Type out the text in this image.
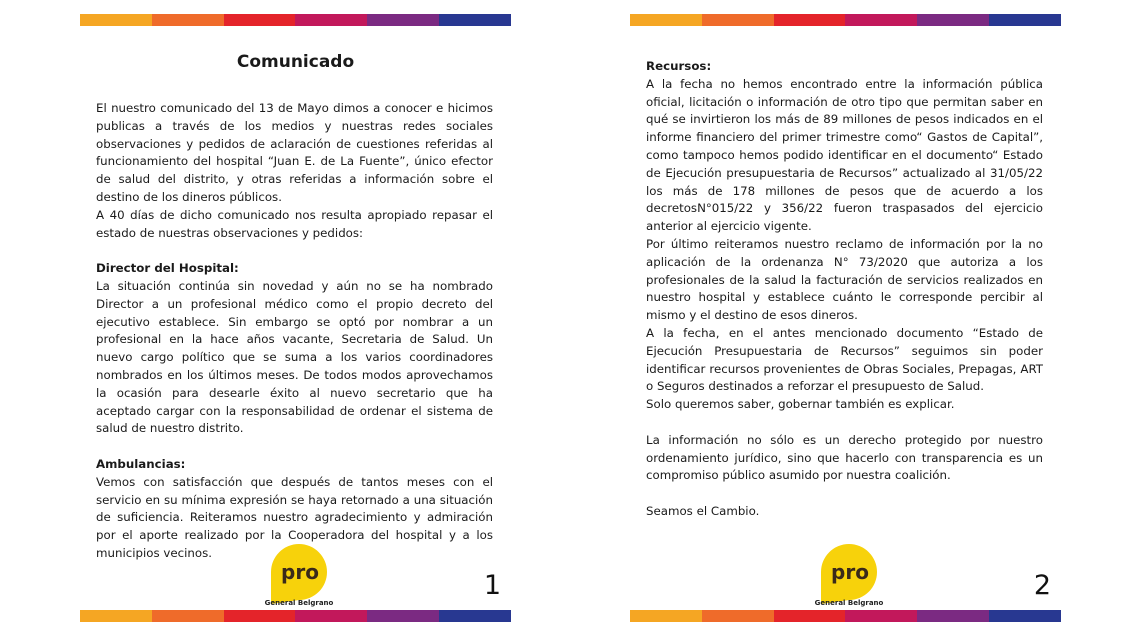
Comunicado

El nuestro comunicado del 13 de Mayo dimos a conocer e hicimos publicas a través de los medios y nuestras redes sociales observaciones y pedidos de aclaración de cuestiones referidas al funcionamiento del hospital “Juan E. de La Fuente”, único efector de salud del distrito, y otras referidas a información sobre el destino de los dineros públicos.

A 40 días de dicho comunicado nos resulta apropiado repasar el estado de nuestras observaciones y pedidos:

Director del Hospital:

La situación continúa sin novedad y aún no se ha nombrado Director a un profesional médico como el propio decreto del ejecutivo establece. Sin embargo se optó por nombrar a un profesional en la hace años vacante, Secretaria de Salud. Un nuevo cargo político que se suma a los varios coordinadores nombrados en los últimos meses. De todos modos aprovechamos la ocasión para desearle éxito al nuevo secretario que ha aceptado cargar con la responsabilidad de ordenar el sistema de salud de nuestro distrito.

Ambulancias:

Vemos con satisfacción que después de tantos meses con el servicio en su mínima expresión se haya retornado a una situación de suficiencia. Reiteramos nuestro agradecimiento y admiración por el aporte realizado por la Cooperadora del hospital y a los municipios vecinos.

pro
General Belgrano
1
Recursos:

A la fecha no hemos encontrado entre la información pública oficial, licitación o información de otro tipo que permitan saber en qué se invirtieron los más de 89 millones de pesos indicados en el informe financiero del primer trimestre como“ Gastos de Capital”, como tampoco hemos podido identificar en el documento“ Estado de Ejecución presupuestaria de Recursos” actualizado al 31/05/22 los más de 178 millones de pesos que de acuerdo a los decretosN°015/22 y 356/22 fueron traspasados del ejercicio anterior al ejercicio vigente.

Por último reiteramos nuestro reclamo de información por la no aplicación de la ordenanza N° 73/2020 que autoriza a los profesionales de la salud la facturación de servicios realizados en nuestro hospital y establece cuánto le corresponde percibir al mismo y el destino de esos dineros.

A la fecha, en el antes mencionado documento “Estado de Ejecución Presupuestaria de Recursos” seguimos sin poder identificar recursos provenientes de Obras Sociales, Prepagas, ART o Seguros destinados a reforzar el presupuesto de Salud.

Solo queremos saber, gobernar también es explicar.

La información no sólo es un derecho protegido por nuestro ordenamiento jurídico, sino que hacerlo con transparencia es un compromiso público asumido por nuestra coalición.

Seamos el Cambio.

pro
General Belgrano
2
